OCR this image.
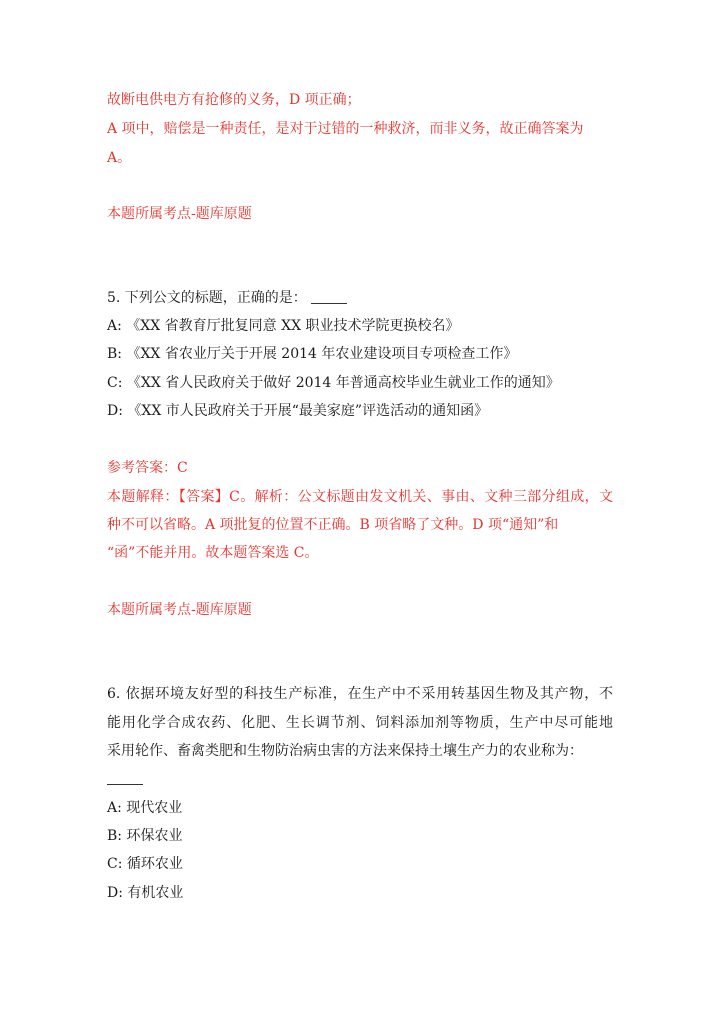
故断电供电方有抢修的义务，D 项正确；
A 项中，赔偿是一种责任，是对于过错的一种救济，而非义务，故正确答案为
A。
本题所属考点-题库原题
5. 下列公文的标题，正确的是：
A: 《XX 省教育厅批复同意 XX 职业技术学院更换校名》
B: 《XX 省农业厅关于开展 2014 年农业建设项目专项检查工作》
C: 《XX 省人民政府关于做好 2014 年普通高校毕业生就业工作的通知》
D: 《XX 市人民政府关于开展“最美家庭”评选活动的通知函》
参考答案：C
本题解释：【答案】C。解析：公文标题由发文机关、事由、文种三部分组成，文
种不可以省略。A 项批复的位置不正确。B 项省略了文种。D 项“通知”和
“函”不能并用。故本题答案选 C。
本题所属考点-题库原题
6. 依据环境友好型的科技生产标准，在生产中不采用转基因生物及其产物，不
能用化学合成农药、化肥、生长调节剂、饲料添加剂等物质，生产中尽可能地
采用轮作、畜禽类肥和生物防治病虫害的方法来保持土壤生产力的农业称为：
A: 现代农业
B: 环保农业
C: 循环农业
D: 有机农业
